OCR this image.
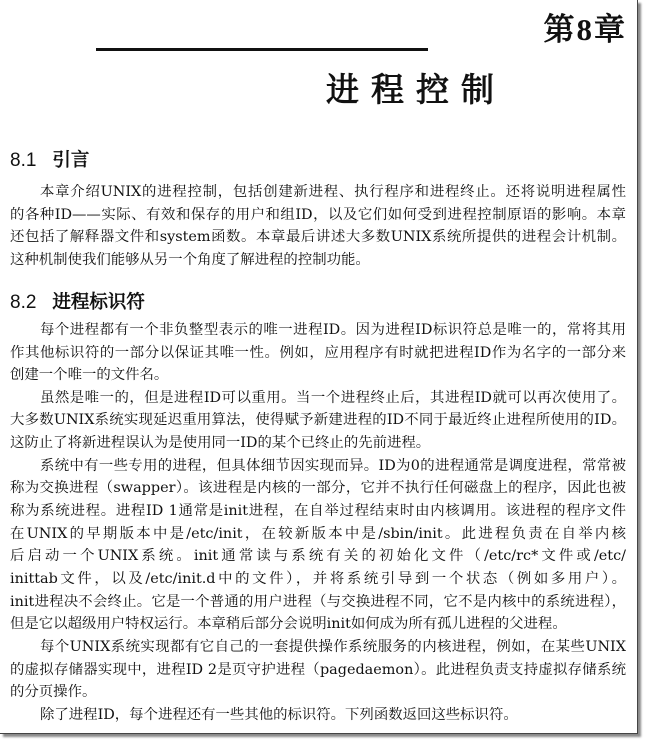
第8章
进程控制
8.1 引言
本章介绍UNIX的进程控制，包括创建新进程、执行程序和进程终止。还将说明进程属性
的各种ID——实际、有效和保存的用户和组ID，以及它们如何受到进程控制原语的影响。本章
还包括了解释器文件和system函数。本章最后讲述大多数UNIX系统所提供的进程会计机制。
这种机制使我们能够从另一个角度了解进程的控制功能。
8.2 进程标识符
每个进程都有一个非负整型表示的唯一进程ID。因为进程ID标识符总是唯一的，常将其用
作其他标识符的一部分以保证其唯一性。例如，应用程序有时就把进程ID作为名字的一部分来
创建一个唯一的文件名。
虽然是唯一的，但是进程ID可以重用。当一个进程终止后，其进程ID就可以再次使用了。
大多数UNIX系统实现延迟重用算法，使得赋予新建进程的ID不同于最近终止进程所使用的ID。
这防止了将新进程误认为是使用同一ID的某个已终止的先前进程。
系统中有一些专用的进程，但具体细节因实现而异。ID为0的进程通常是调度进程，常常被
称为交换进程（swapper）。该进程是内核的一部分，它并不执行任何磁盘上的程序，因此也被
称为系统进程。进程ID 1通常是init进程，在自举过程结束时由内核调用。该进程的程序文件
在UNIX的早期版本中是/etc/init，在较新版本中是/sbin/init。此进程负责在自举内核
后启动一个UNIX系统。init通常读与系统有关的初始化文件（/etc/rc*文件或/etc/
inittab文件，以及/etc/init.d中的文件），并将系统引导到一个状态（例如多用户）。
init进程决不会终止。它是一个普通的用户进程（与交换进程不同，它不是内核中的系统进程），
但是它以超级用户特权运行。本章稍后部分会说明init如何成为所有孤儿进程的父进程。
每个UNIX系统实现都有它自己的一套提供操作系统服务的内核进程，例如，在某些UNIX
的虚拟存储器实现中，进程ID 2是页守护进程（pagedaemon）。此进程负责支持虚拟存储系统
的分页操作。
除了进程ID，每个进程还有一些其他的标识符。下列函数返回这些标识符。
